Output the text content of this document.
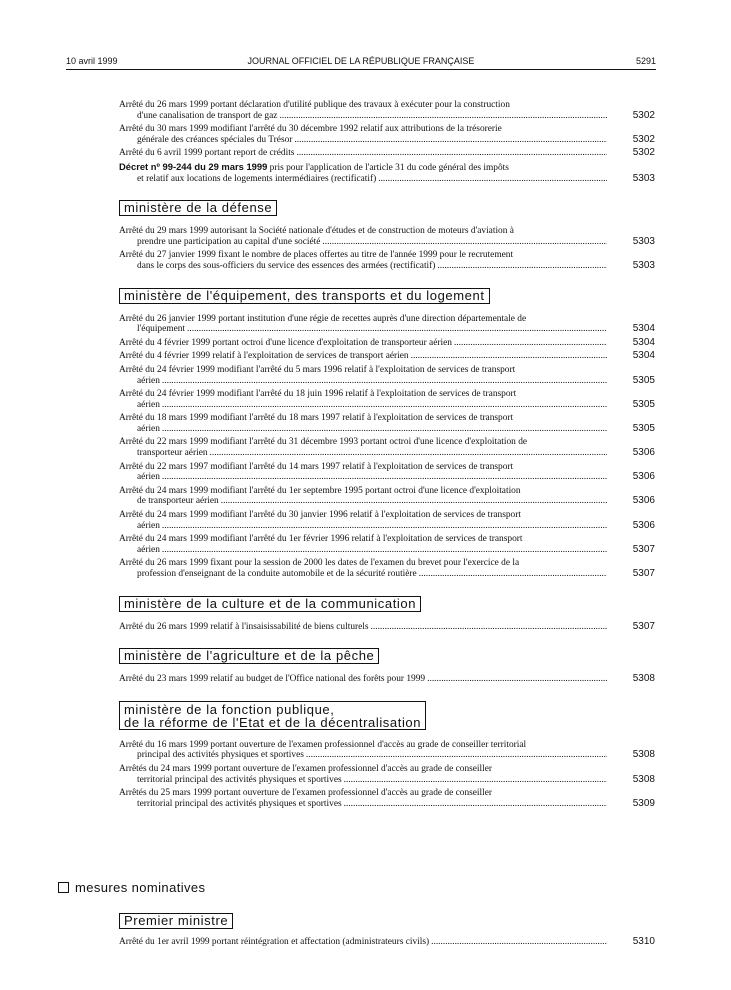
10 avril 1999	JOURNAL OFFICIEL DE LA RÉPUBLIQUE FRANÇAISE	5291
Arrêté du 26 mars 1999 portant déclaration d'utilité publique des travaux à exécuter pour la construction
d'une canalisation de transport de gaz .....	5302
Arrêté du 30 mars 1999 modifiant l'arrêté du 30 décembre 1992 relatif aux attributions de la trésorerie
générale des créances spéciales du Trésor .....	5302
Arrêté du 6 avril 1999 portant report de crédits .....	5302
Décret nº 99-244 du 29 mars 1999 pris pour l'application de l'article 31 du code général des impôts
et relatif aux locations de logements intermédiaires (rectificatif) .....	5303
ministère de la défense
Arrêté du 29 mars 1999 autorisant la Société nationale d'études et de construction de moteurs d'aviation à
prendre une participation au capital d'une société .....	5303
Arrêté du 27 janvier 1999 fixant le nombre de places offertes au titre de l'année 1999 pour le recrutement
dans le corps des sous-officiers du service des essences des armées (rectificatif) .....	5303
ministère de l'équipement, des transports et du logement
Arrêté du 26 janvier 1999 portant institution d'une régie de recettes auprès d'une direction départementale de
l'équipement .....	5304
Arrêté du 4 février 1999 portant octroi d'une licence d'exploitation de transporteur aérien .....	5304
Arrêté du 4 février 1999 relatif à l'exploitation de services de transport aérien .....	5304
Arrêté du 24 février 1999 modifiant l'arrêté du 5 mars 1996 relatif à l'exploitation de services de transport
aérien .....	5305
Arrêté du 24 février 1999 modifiant l'arrêté du 18 juin 1996 relatif à l'exploitation de services de transport
aérien .....	5305
Arrêté du 18 mars 1999 modifiant l'arrêté du 18 mars 1997 relatif à l'exploitation de services de transport
aérien .....	5305
Arrêté du 22 mars 1999 modifiant l'arrêté du 31 décembre 1993 portant octroi d'une licence d'exploitation de
transporteur aérien .....	5306
Arrêté du 22 mars 1997 modifiant l'arrêté du 14 mars 1997 relatif à l'exploitation de services de transport
aérien .....	5306
Arrêté du 24 mars 1999 modifiant l'arrêté du 1er septembre 1995 portant octroi d'une licence d'exploitation
de transporteur aérien .....	5306
Arrêté du 24 mars 1999 modifiant l'arrêté du 30 janvier 1996 relatif à l'exploitation de services de transport
aérien .....	5306
Arrêté du 24 mars 1999 modifiant l'arrêté du 1er février 1996 relatif à l'exploitation de services de transport
aérien .....	5307
Arrêté du 26 mars 1999 fixant pour la session de 2000 les dates de l'examen du brevet pour l'exercice de la
profession d'enseignant de la conduite automobile et de la sécurité routière .....	5307
ministère de la culture et de la communication
Arrêté du 26 mars 1999 relatif à l'insaisissabilité de biens culturels .....	5307
ministère de l'agriculture et de la pêche
Arrêté du 23 mars 1999 relatif au budget de l'Office national des forêts pour 1999 .....	5308
ministère de la fonction publique,
de la réforme de l'Etat et de la décentralisation
Arrêté du 16 mars 1999 portant ouverture de l'examen professionnel d'accès au grade de conseiller territorial
principal des activités physiques et sportives .....	5308
Arrêtés du 24 mars 1999 portant ouverture de l'examen professionnel d'accès au grade de conseiller
territorial principal des activités physiques et sportives .....	5308
Arrêtés du 25 mars 1999 portant ouverture de l'examen professionnel d'accès au grade de conseiller
territorial principal des activités physiques et sportives .....	5309
mesures nominatives
Premier ministre
Arrêté du 1er avril 1999 portant réintégration et affectation (administrateurs civils) .....	5310
